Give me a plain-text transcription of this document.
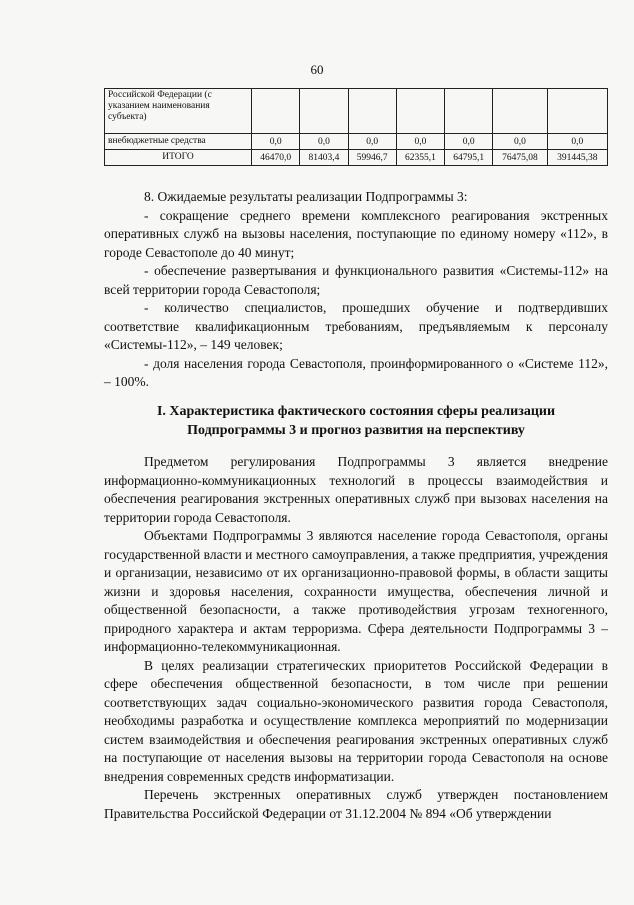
60
Российской Федерации (с указанием наименования субъекта)							
внебюджетные средства	0,0	0,0	0,0	0,0	0,0	0,0	0,0
ИТОГО	46470,0	81403,4	59946,7	62355,1	64795,1	76475,08	391445,38

8. Ожидаемые результаты реализации Подпрограммы 3:

- сокращение среднего времени комплексного реагирования экстренных оперативных служб на вызовы населения, поступающие по единому номеру «112», в городе Севастополе до 40 минут;

- обеспечение развертывания и функционального развития «Системы-112» на всей территории города Севастополя;

- количество специалистов, прошедших обучение и подтвердивших соответствие квалификационным требованиям, предъявляемым к персоналу «Системы-112», – 149 человек;

- доля населения города Севастополя, проинформированного о «Системе 112», – 100%.

I. Характеристика фактического состояния сферы реализации
Подпрограммы 3 и прогноз развития на перспективу

Предметом регулирования Подпрограммы 3 является внедрение информационно-коммуникационных технологий в процессы взаимодействия и обеспечения реагирования экстренных оперативных служб при вызовах населения на территории города Севастополя.

Объектами Подпрограммы 3 являются население города Севастополя, органы государственной власти и местного самоуправления, а также предприятия, учреждения и организации, независимо от их организационно-правовой формы, в области защиты жизни и здоровья населения, сохранности имущества, обеспечения личной и общественной безопасности, а также противодействия угрозам техногенного, природного характера и актам терроризма. Сфера деятельности Подпрограммы 3 – информационно-телекоммуникационная.

В целях реализации стратегических приоритетов Российской Федерации в сфере обеспечения общественной безопасности, в том числе при решении соответствующих задач социально-экономического развития города Севастополя, необходимы разработка и осуществление комплекса мероприятий по модернизации систем взаимодействия и обеспечения реагирования экстренных оперативных служб на поступающие от населения вызовы на территории города Севастополя на основе внедрения современных средств информатизации.

Перечень экстренных оперативных служб утвержден постановлением Правительства Российской Федерации от 31.12.2004 № 894 «Об утверждении
